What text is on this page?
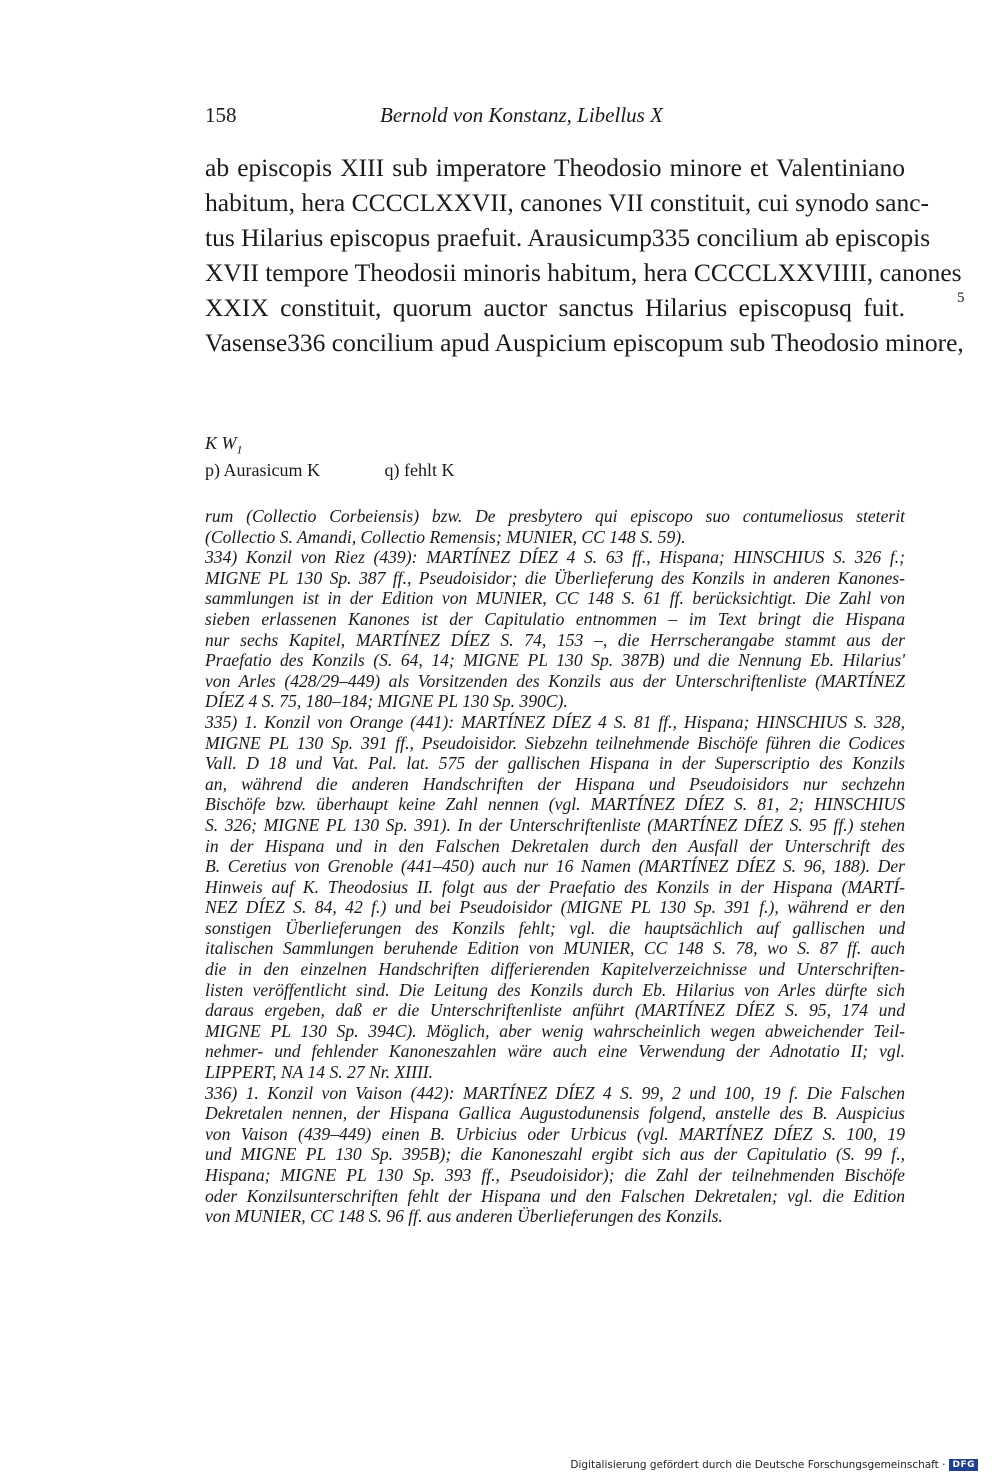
158	Bernold von Konstanz, Libellus X
ab episcopis XIII sub imperatore Theodosio minore et Valentiniano
habitum, hera CCCCLXXVII, canones VII constituit, cui synodo sanc-
tus Hilarius episcopus praefuit. Arausicump335 concilium ab episcopis
XVII tempore Theodosii minoris habitum, hera CCCCLXXVIIII, canones
XXIX constituit, quorum auctor sanctus Hilarius episcopusq fuit.
Vasense336 concilium apud Auspicium episcopum sub Theodosio minore,
5
K $W_1$
p) Aurasicum K	q) fehlt K
rum (Collectio Corbeiensis) bzw. De presbytero qui episcopo suo contumeliosus steterit
(Collectio S. Amandi, Collectio Remensis; MUNIER, CC 148 S. 59).
334) Konzil von Riez (439): MARTÍNEZ DÍEZ 4 S. 63 ff., Hispana; HINSCHIUS S. 326 f.;
MIGNE PL 130 Sp. 387 ff., Pseudoisidor; die Überlieferung des Konzils in anderen Kanones-
sammlungen ist in der Edition von MUNIER, CC 148 S. 61 ff. berücksichtigt. Die Zahl von
sieben erlassenen Kanones ist der Capitulatio entnommen – im Text bringt die Hispana
nur sechs Kapitel, MARTÍNEZ DÍEZ S. 74, 153 –, die Herrscherangabe stammt aus der
Praefatio des Konzils (S. 64, 14; MIGNE PL 130 Sp. 387B) und die Nennung Eb. Hilarius'
von Arles (428/29–449) als Vorsitzenden des Konzils aus der Unterschriftenliste (MARTÍNEZ
DÍEZ 4 S. 75, 180–184; MIGNE PL 130 Sp. 390C).
335) 1. Konzil von Orange (441): MARTÍNEZ DÍEZ 4 S. 81 ff., Hispana; HINSCHIUS S. 328,
MIGNE PL 130 Sp. 391 ff., Pseudoisidor. Siebzehn teilnehmende Bischöfe führen die Codices
Vall. D 18 und Vat. Pal. lat. 575 der gallischen Hispana in der Superscriptio des Konzils
an, während die anderen Handschriften der Hispana und Pseudoisidors nur sechzehn
Bischöfe bzw. überhaupt keine Zahl nennen (vgl. MARTÍNEZ DÍEZ S. 81, 2; HINSCHIUS
S. 326; MIGNE PL 130 Sp. 391). In der Unterschriftenliste (MARTÍNEZ DÍEZ S. 95 ff.) stehen
in der Hispana und in den Falschen Dekretalen durch den Ausfall der Unterschrift des
B. Ceretius von Grenoble (441–450) auch nur 16 Namen (MARTÍNEZ DÍEZ S. 96, 188). Der
Hinweis auf K. Theodosius II. folgt aus der Praefatio des Konzils in der Hispana (MARTÍ-
NEZ DÍEZ S. 84, 42 f.) und bei Pseudoisidor (MIGNE PL 130 Sp. 391 f.), während er den
sonstigen Überlieferungen des Konzils fehlt; vgl. die hauptsächlich auf gallischen und
italischen Sammlungen beruhende Edition von MUNIER, CC 148 S. 78, wo S. 87 ff. auch
die in den einzelnen Handschriften differierenden Kapitelverzeichnisse und Unterschriften-
listen veröffentlicht sind. Die Leitung des Konzils durch Eb. Hilarius von Arles dürfte sich
daraus ergeben, daß er die Unterschriftenliste anführt (MARTÍNEZ DÍEZ S. 95, 174 und
MIGNE PL 130 Sp. 394C). Möglich, aber wenig wahrscheinlich wegen abweichender Teil-
nehmer- und fehlender Kanoneszahlen wäre auch eine Verwendung der Adnotatio II; vgl.
LIPPERT, NA 14 S. 27 Nr. XIIII.
336) 1. Konzil von Vaison (442): MARTÍNEZ DÍEZ 4 S. 99, 2 und 100, 19 f. Die Falschen
Dekretalen nennen, der Hispana Gallica Augustodunensis folgend, anstelle des B. Auspicius
von Vaison (439–449) einen B. Urbicius oder Urbicus (vgl. MARTÍNEZ DÍEZ S. 100, 19
und MIGNE PL 130 Sp. 395B); die Kanoneszahl ergibt sich aus der Capitulatio (S. 99 f.,
Hispana; MIGNE PL 130 Sp. 393 ff., Pseudoisidor); die Zahl der teilnehmenden Bischöfe
oder Konzilsunterschriften fehlt der Hispana und den Falschen Dekretalen; vgl. die Edition
von MUNIER, CC 148 S. 96 ff. aus anderen Überlieferungen des Konzils.
Digitalisierung gefördert durch die Deutsche Forschungsgemeinschaft · DFG
